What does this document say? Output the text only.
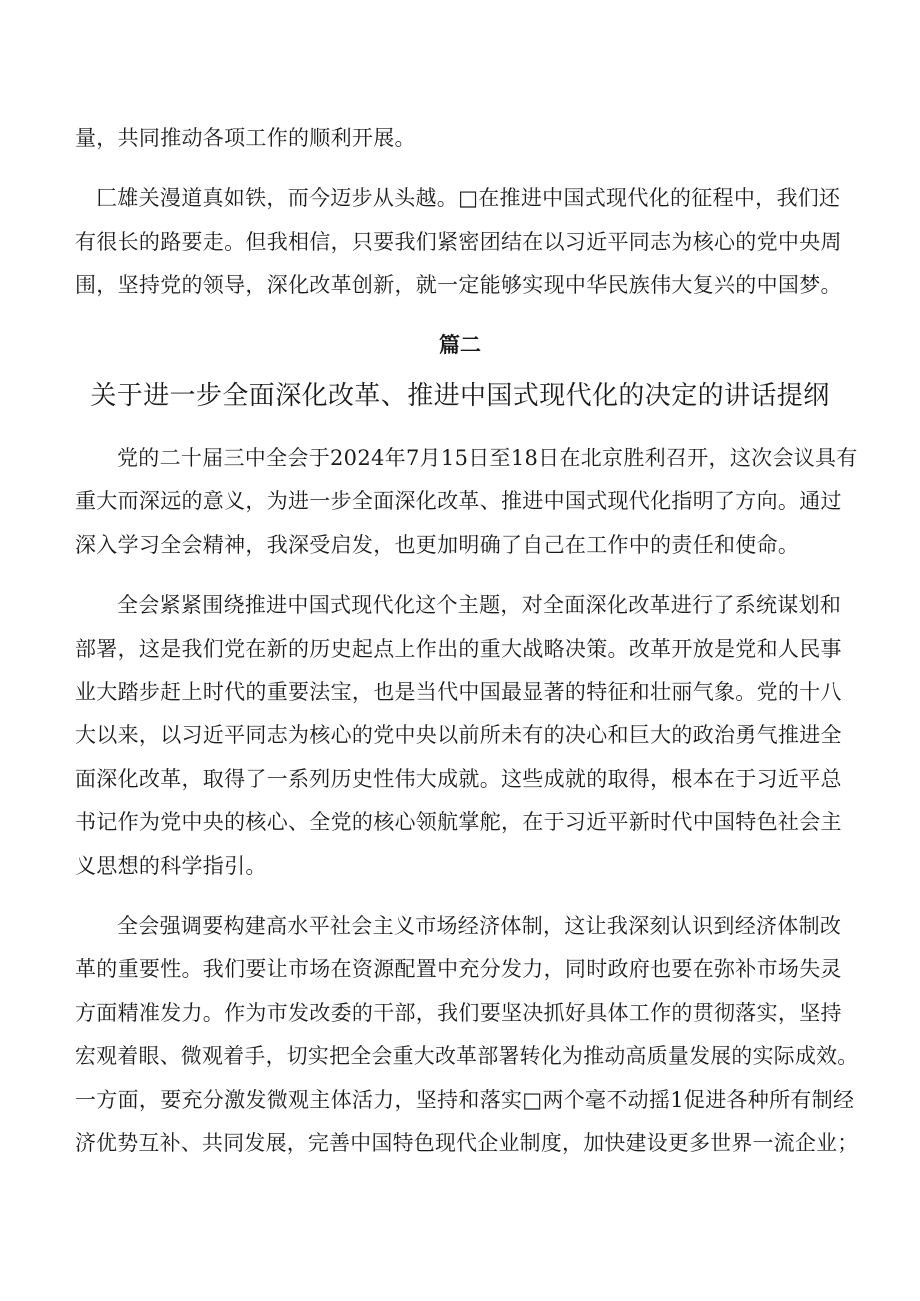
量，共同推动各项工作的顺利开展。
匚雄关漫道真如铁，而今迈步从头越。□在推进中国式现代化的征程中，我们还
有很长的路要走。但我相信，只要我们紧密团结在以习近平同志为核心的党中央周
围，坚持党的领导，深化改革创新，就一定能够实现中华民族伟大复兴的中国梦。
篇二
关于进一步全面深化改革、推进中国式现代化的决定的讲话提纲
党的二十届三中全会于2024年7月15日至18日在北京胜利召开，这次会议具有
重大而深远的意义，为进一步全面深化改革、推进中国式现代化指明了方向。通过
深入学习全会精神，我深受启发，也更加明确了自己在工作中的责任和使命。
全会紧紧围绕推进中国式现代化这个主题，对全面深化改革进行了系统谋划和
部署，这是我们党在新的历史起点上作出的重大战略决策。改革开放是党和人民事
业大踏步赶上时代的重要法宝，也是当代中国最显著的特征和壮丽气象。党的十八
大以来，以习近平同志为核心的党中央以前所未有的决心和巨大的政治勇气推进全
面深化改革，取得了一系列历史性伟大成就。这些成就的取得，根本在于习近平总
书记作为党中央的核心、全党的核心领航掌舵，在于习近平新时代中国特色社会主
义思想的科学指引。
全会强调要构建高水平社会主义市场经济体制，这让我深刻认识到经济体制改
革的重要性。我们要让市场在资源配置中充分发力，同时政府也要在弥补市场失灵
方面精准发力。作为市发改委的干部，我们要坚决抓好具体工作的贯彻落实，坚持
宏观着眼、微观着手，切实把全会重大改革部署转化为推动高质量发展的实际成效。
一方面，要充分激发微观主体活力，坚持和落实□两个毫不动摇1促进各种所有制经
济优势互补、共同发展，完善中国特色现代企业制度，加快建设更多世界一流企业；
